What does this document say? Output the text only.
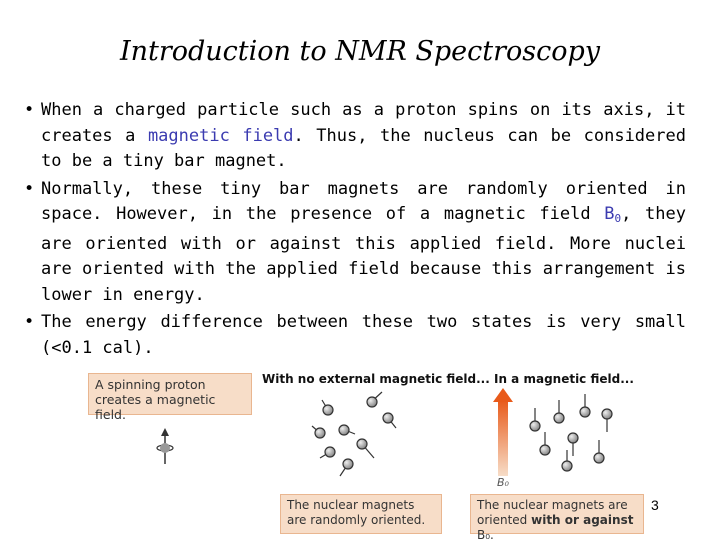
Introduction to NMR Spectroscopy
• When a charged particle such as a proton spins on its axis, it creates a magnetic field. Thus, the nucleus can be considered to be a tiny bar magnet.
• Normally, these tiny bar magnets are randomly oriented in space. However, in the presence of a magnetic field $B_0$, they are oriented with or against this applied field. More nuclei are oriented with the applied field because this arrangement is lower in energy.
• The energy difference between these two states is very small (<0.1 cal).
A spinning proton creates a magnetic field.
With no external magnetic field...
The nuclear magnets are randomly oriented.
In a magnetic field...
B₀
The nuclear magnets are oriented with or against B₀.
3
